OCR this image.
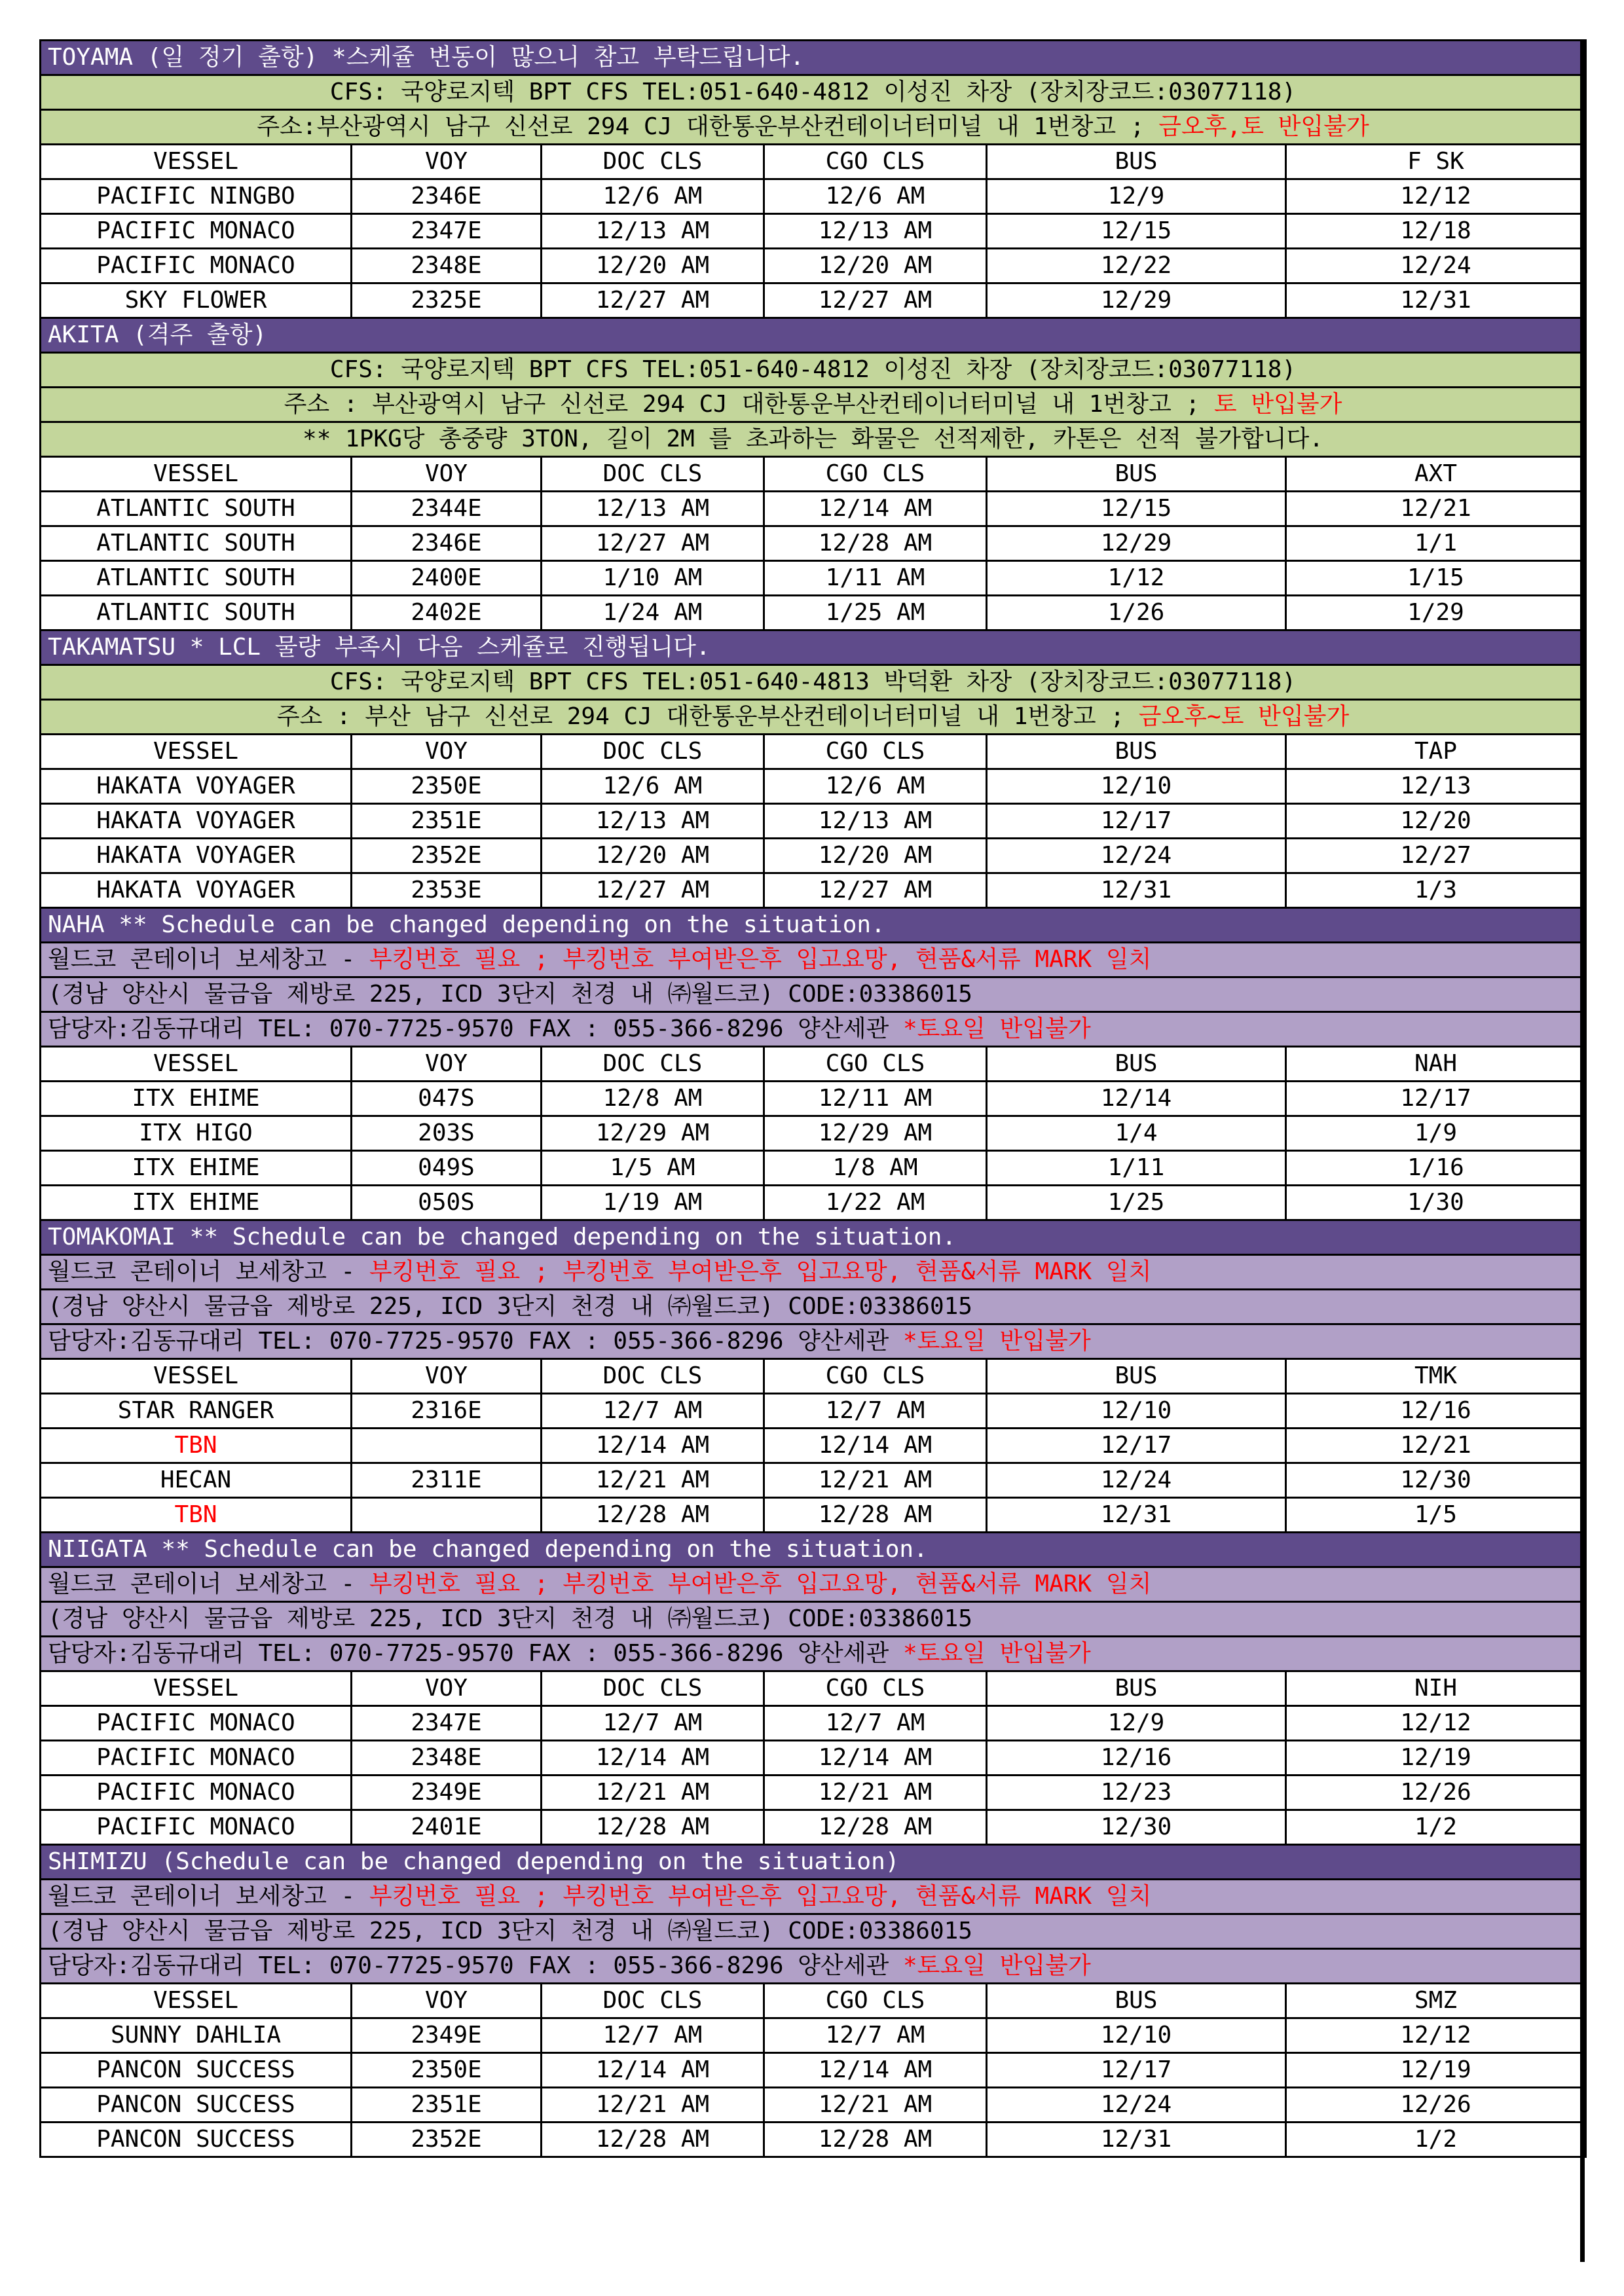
TOYAMA (일 정기 출항) *스케쥴 변동이 많으니 참고 부탁드립니다.					
CFS: 국양로지텍 BPT CFS TEL:051-640-4812 이성진 차장 (장치장코드:03077118)					
주소:부산광역시 남구 신선로 294 CJ 대한통운부산컨테이너터미널 내 1번창고 ; 금오후,토 반입불가					
VESSEL	VOY	DOC CLS	CGO CLS	BUS	F SK
PACIFIC NINGBO	2346E	12/6 AM	12/6 AM	12/9	12/12
PACIFIC MONACO	2347E	12/13 AM	12/13 AM	12/15	12/18
PACIFIC MONACO	2348E	12/20 AM	12/20 AM	12/22	12/24
SKY FLOWER	2325E	12/27 AM	12/27 AM	12/29	12/31
AKITA (격주 출항)					
CFS: 국양로지텍 BPT CFS TEL:051-640-4812 이성진 차장 (장치장코드:03077118)					
주소 : 부산광역시 남구 신선로 294 CJ 대한통운부산컨테이너터미널 내 1번창고 ; 토 반입불가					
** 1PKG당 총중량 3TON, 길이 2M 를 초과하는 화물은 선적제한, 카톤은 선적 불가합니다.					
VESSEL	VOY	DOC CLS	CGO CLS	BUS	AXT
ATLANTIC SOUTH	2344E	12/13 AM	12/14 AM	12/15	12/21
ATLANTIC SOUTH	2346E	12/27 AM	12/28 AM	12/29	1/1
ATLANTIC SOUTH	2400E	1/10 AM	1/11 AM	1/12	1/15
ATLANTIC SOUTH	2402E	1/24 AM	1/25 AM	1/26	1/29
TAKAMATSU * LCL 물량 부족시 다음 스케쥴로 진행됩니다.					
CFS: 국양로지텍 BPT CFS TEL:051-640-4813 박덕환 차장 (장치장코드:03077118)					
주소 : 부산 남구 신선로 294 CJ 대한통운부산컨테이너터미널 내 1번창고 ; 금오후~토 반입불가					
VESSEL	VOY	DOC CLS	CGO CLS	BUS	TAP
HAKATA VOYAGER	2350E	12/6 AM	12/6 AM	12/10	12/13
HAKATA VOYAGER	2351E	12/13 AM	12/13 AM	12/17	12/20
HAKATA VOYAGER	2352E	12/20 AM	12/20 AM	12/24	12/27
HAKATA VOYAGER	2353E	12/27 AM	12/27 AM	12/31	1/3
NAHA ** Schedule can be changed depending on the situation.					
월드코 콘테이너 보세창고 - 부킹번호 필요 ; 부킹번호 부여받은후 입고요망, 현품&서류 MARK 일치					
(경남 양산시 물금읍 제방로 225, ICD 3단지 천경 내 ㈜월드코) CODE:03386015					
담당자:김동규대리 TEL: 070-7725-9570 FAX : 055-366-8296 양산세관 *토요일 반입불가					
VESSEL	VOY	DOC CLS	CGO CLS	BUS	NAH
ITX EHIME	047S	12/8 AM	12/11 AM	12/14	12/17
ITX HIGO	203S	12/29 AM	12/29 AM	1/4	1/9
ITX EHIME	049S	1/5 AM	1/8 AM	1/11	1/16
ITX EHIME	050S	1/19 AM	1/22 AM	1/25	1/30
TOMAKOMAI ** Schedule can be changed depending on the situation.					
월드코 콘테이너 보세창고 - 부킹번호 필요 ; 부킹번호 부여받은후 입고요망, 현품&서류 MARK 일치					
(경남 양산시 물금읍 제방로 225, ICD 3단지 천경 내 ㈜월드코) CODE:03386015					
담당자:김동규대리 TEL: 070-7725-9570 FAX : 055-366-8296 양산세관 *토요일 반입불가					
VESSEL	VOY	DOC CLS	CGO CLS	BUS	TMK
STAR RANGER	2316E	12/7 AM	12/7 AM	12/10	12/16
TBN		12/14 AM	12/14 AM	12/17	12/21
HECAN	2311E	12/21 AM	12/21 AM	12/24	12/30
TBN		12/28 AM	12/28 AM	12/31	1/5
NIIGATA ** Schedule can be changed depending on the situation.					
월드코 콘테이너 보세창고 - 부킹번호 필요 ; 부킹번호 부여받은후 입고요망, 현품&서류 MARK 일치					
(경남 양산시 물금읍 제방로 225, ICD 3단지 천경 내 ㈜월드코) CODE:03386015					
담당자:김동규대리 TEL: 070-7725-9570 FAX : 055-366-8296 양산세관 *토요일 반입불가					
VESSEL	VOY	DOC CLS	CGO CLS	BUS	NIH
PACIFIC MONACO	2347E	12/7 AM	12/7 AM	12/9	12/12
PACIFIC MONACO	2348E	12/14 AM	12/14 AM	12/16	12/19
PACIFIC MONACO	2349E	12/21 AM	12/21 AM	12/23	12/26
PACIFIC MONACO	2401E	12/28 AM	12/28 AM	12/30	1/2
SHIMIZU (Schedule can be changed depending on the situation)					
월드코 콘테이너 보세창고 - 부킹번호 필요 ; 부킹번호 부여받은후 입고요망, 현품&서류 MARK 일치					
(경남 양산시 물금읍 제방로 225, ICD 3단지 천경 내 ㈜월드코) CODE:03386015					
담당자:김동규대리 TEL: 070-7725-9570 FAX : 055-366-8296 양산세관 *토요일 반입불가					
VESSEL	VOY	DOC CLS	CGO CLS	BUS	SMZ
SUNNY DAHLIA	2349E	12/7 AM	12/7 AM	12/10	12/12
PANCON SUCCESS	2350E	12/14 AM	12/14 AM	12/17	12/19
PANCON SUCCESS	2351E	12/21 AM	12/21 AM	12/24	12/26
PANCON SUCCESS	2352E	12/28 AM	12/28 AM	12/31	1/2
